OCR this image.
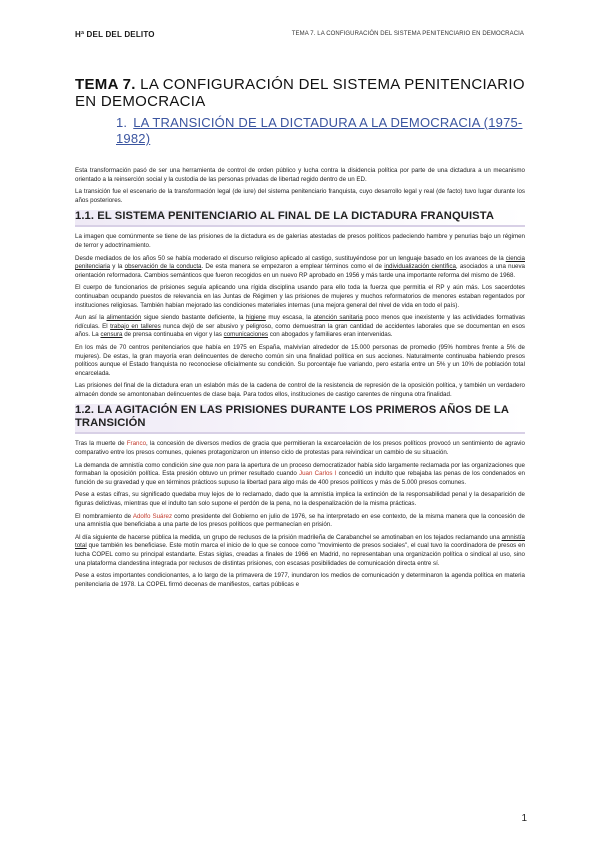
Hª DEL DEL DELITO	TEMA 7. LA CONFIGURACIÓN DEL SISTEMA PENITENCIARIO EN DEMOCRACIA
TEMA 7. LA CONFIGURACIÓN DEL SISTEMA PENITENCIARIO EN DEMOCRACIA
1. LA TRANSICIÓN DE LA DICTADURA A LA DEMOCRACIA (1975-1982)

Esta transformación pasó de ser una herramienta de control de orden público y lucha contra la disidencia política por parte de una dictadura a un mecanismo orientado a la reinserción social y la custodia de las personas privadas de libertad regido dentro de un ED.

La transición fue el escenario de la transformación legal (de iure) del sistema penitenciario franquista, cuyo desarrollo legal y real (de facto) tuvo lugar durante los años posteriores.

1.1. EL SISTEMA PENITENCIARIO AL FINAL DE LA DICTADURA FRANQUISTA

La imagen que comúnmente se tiene de las prisiones de la dictadura es de galerías atestadas de presos políticos padeciendo hambre y penurias bajo un régimen de terror y adoctrinamiento.

Desde mediados de los años 50 se había moderado el discurso religioso aplicado al castigo, sustituyéndose por un lenguaje basado en los avances de la ciencia penitenciaria y la observación de la conducta. De esta manera se empezaron a emplear términos como el de individualización científica, asociados a una nueva orientación reformadora. Cambios semánticos que fueron recogidos en un nuevo RP aprobado en 1956 y más tarde una importante reforma del mismo de 1968.

El cuerpo de funcionarios de prisiones seguía aplicando una rígida disciplina usando para ello toda la fuerza que permitía el RP y aún más. Los sacerdotes continuaban ocupando puestos de relevancia en las Juntas de Régimen y las prisiones de mujeres y muchos reformatorios de menores estaban regentados por instituciones religiosas. También habían mejorado las condiciones materiales internas (una mejora general del nivel de vida en todo el país).

Aun así la alimentación sigue siendo bastante deficiente, la higiene muy escasa, la atención sanitaria poco menos que inexistente y las actividades formativas ridículas. El trabajo en talleres nunca dejó de ser abusivo y peligroso, como demuestran la gran cantidad de accidentes laborales que se documentan en esos años. La censura de prensa continuaba en vigor y las comunicaciones con abogados y familiares eran intervenidas.

En los más de 70 centros penitenciarios que había en 1975 en España, malvivían alrededor de 15.000 personas de promedio (95% hombres frente a 5% de mujeres). De estas, la gran mayoría eran delincuentes de derecho común sin una finalidad política en sus acciones. Naturalmente continuaba habiendo presos políticos aunque el Estado franquista no reconociese oficialmente su condición. Su porcentaje fue variando, pero estaría entre un 5% y un 10% de población total encarcelada.

Las prisiones del final de la dictadura eran un eslabón más de la cadena de control de la resistencia de represión de la oposición política, y también un verdadero almacén donde se amontonaban delincuentes de clase baja. Para todos ellos, instituciones de castigo carentes de ninguna otra finalidad.

1.2. LA AGITACIÓN EN LAS PRISIONES DURANTE LOS PRIMEROS AÑOS DE LA TRANSICIÓN

Tras la muerte de Franco, la concesión de diversos medios de gracia que permitieran la excarcelación de los presos políticos provocó un sentimiento de agravio comparativo entre los presos comunes, quienes protagonizaron un intenso ciclo de protestas para reivindicar un cambio de su situación.

La demanda de amnistía como condición sine qua non para la apertura de un proceso democratizador había sido largamente reclamada por las organizaciones que formaban la oposición política. Esta presión obtuvo un primer resultado cuando Juan Carlos I concedió un indulto que rebajaba las penas de los condenados en función de su gravedad y que en términos prácticos supuso la libertad para algo más de 400 presos políticos y más de 5.000 presos comunes.

Pese a estas cifras, su significado quedaba muy lejos de lo reclamado, dado que la amnistía implica la extinción de la responsabilidad penal y la desaparición de figuras delictivas, mientras que el indulto tan solo supone el perdón de la pena, no la despenalización de la misma prácticas.

El nombramiento de Adolfo Suárez como presidente del Gobierno en julio de 1976, se ha interpretado en ese contexto, de la misma manera que la concesión de una amnistía que beneficiaba a una parte de los presos políticos que permanecían en prisión.

Al día siguiente de hacerse pública la medida, un grupo de reclusos de la prisión madrileña de Carabanchel se amotinaban en los tejados reclamando una amnistía total que también les beneficiase. Este motín marca el inicio de lo que se conoce como "movimiento de presos sociales", el cual tuvo la coordinadora de presos en lucha COPEL como su principal estandarte. Estas siglas, creadas a finales de 1966 en Madrid, no representaban una organización política o sindical al uso, sino una plataforma clandestina integrada por reclusos de distintas prisiones, con escasas posibilidades de comunicación directa entre sí.

Pese a estos importantes condicionantes, a lo largo de la primavera de 1977, inundaron los medios de comunicación y determinaron la agenda política en materia penitenciaria de 1978. La COPEL firmó decenas de manifiestos, cartas públicas e

1
